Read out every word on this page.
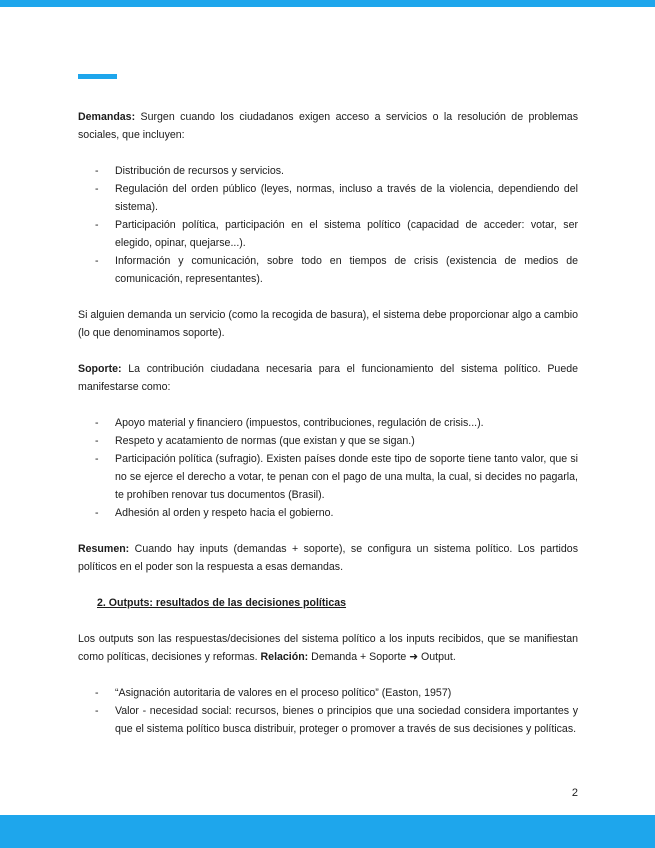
Demandas: Surgen cuando los ciudadanos exigen acceso a servicios o la resolución de problemas sociales, que incluyen:

- Distribución de recursos y servicios.
- Regulación del orden público (leyes, normas, incluso a través de la violencia, dependiendo del sistema).
- Participación política, participación en el sistema político (capacidad de acceder: votar, ser elegido, opinar, quejarse...).
- Información y comunicación, sobre todo en tiempos de crisis (existencia de medios de comunicación, representantes).

Si alguien demanda un servicio (como la recogida de basura), el sistema debe proporcionar algo a cambio (lo que denominamos soporte).

Soporte: La contribución ciudadana necesaria para el funcionamiento del sistema político. Puede manifestarse como:

- Apoyo material y financiero (impuestos, contribuciones, regulación de crisis...).
- Respeto y acatamiento de normas (que existan y que se sigan.)
- Participación política (sufragio). Existen países donde este tipo de soporte tiene tanto valor, que si no se ejerce el derecho a votar, te penan con el pago de una multa, la cual, si decides no pagarla, te prohíben renovar tus documentos (Brasil).
- Adhesión al orden y respeto hacia el gobierno.

Resumen: Cuando hay inputs (demandas + soporte), se configura un sistema político. Los partidos políticos en el poder son la respuesta a esas demandas.

2. Outputs: resultados de las decisiones políticas

Los outputs son las respuestas/decisiones del sistema político a los inputs recibidos, que se manifiestan como políticas, decisiones y reformas. Relación: Demanda + Soporte ➜ Output.

- “Asignación autoritaria de valores en el proceso político” (Easton, 1957)
- Valor - necesidad social: recursos, bienes o principios que una sociedad considera importantes y que el sistema político busca distribuir, proteger o promover a través de sus decisiones y políticas.
2
